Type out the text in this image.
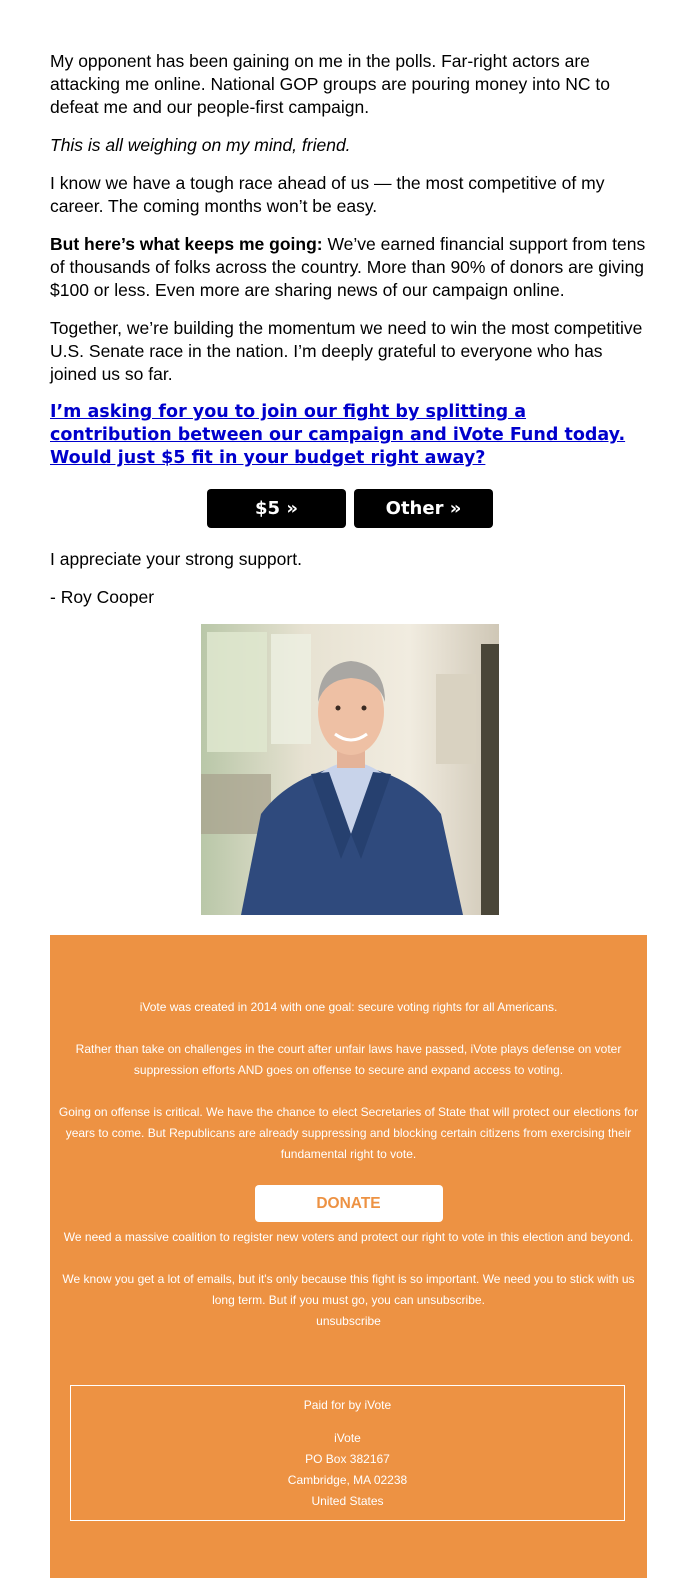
My opponent has been gaining on me in the polls. Far-right actors are attacking me online. National GOP groups are pouring money into NC to defeat me and our people-first campaign.

This is all weighing on my mind, friend.

I know we have a tough race ahead of us — the most competitive of my career. The coming months won’t be easy.

But here’s what keeps me going: We’ve earned financial support from tens of thousands of folks across the country. More than 90% of donors are giving $100 or less. Even more are sharing news of our campaign online.

Together, we’re building the momentum we need to win the most competitive U.S. Senate race in the nation. I’m deeply grateful to everyone who has joined us so far.

I’m asking for you to join our fight by splitting a contribution between our campaign and iVote Fund today. Would just $5 fit in your budget right away?
$5 »	Other »

I appreciate your strong support.

- Roy Cooper

iVote was created in 2014 with one goal: secure voting rights for all Americans.

Rather than take on challenges in the court after unfair laws have passed, iVote plays defense on voter suppression efforts AND goes on offense to secure and expand access to voting.

Going on offense is critical. We have the chance to elect Secretaries of State that will protect our elections for years to come. But Republicans are already suppressing and blocking certain citizens from exercising their fundamental right to vote.

DONATE

We need a massive coalition to register new voters and protect our right to vote in this election and beyond.

We know you get a lot of emails, but it's only because this fight is so important. We need you to stick with us long term. But if you must go, you can unsubscribe.

unsubscribe
Paid for by iVote
iVote
PO Box 382167
Cambridge, MA 02238
United States
